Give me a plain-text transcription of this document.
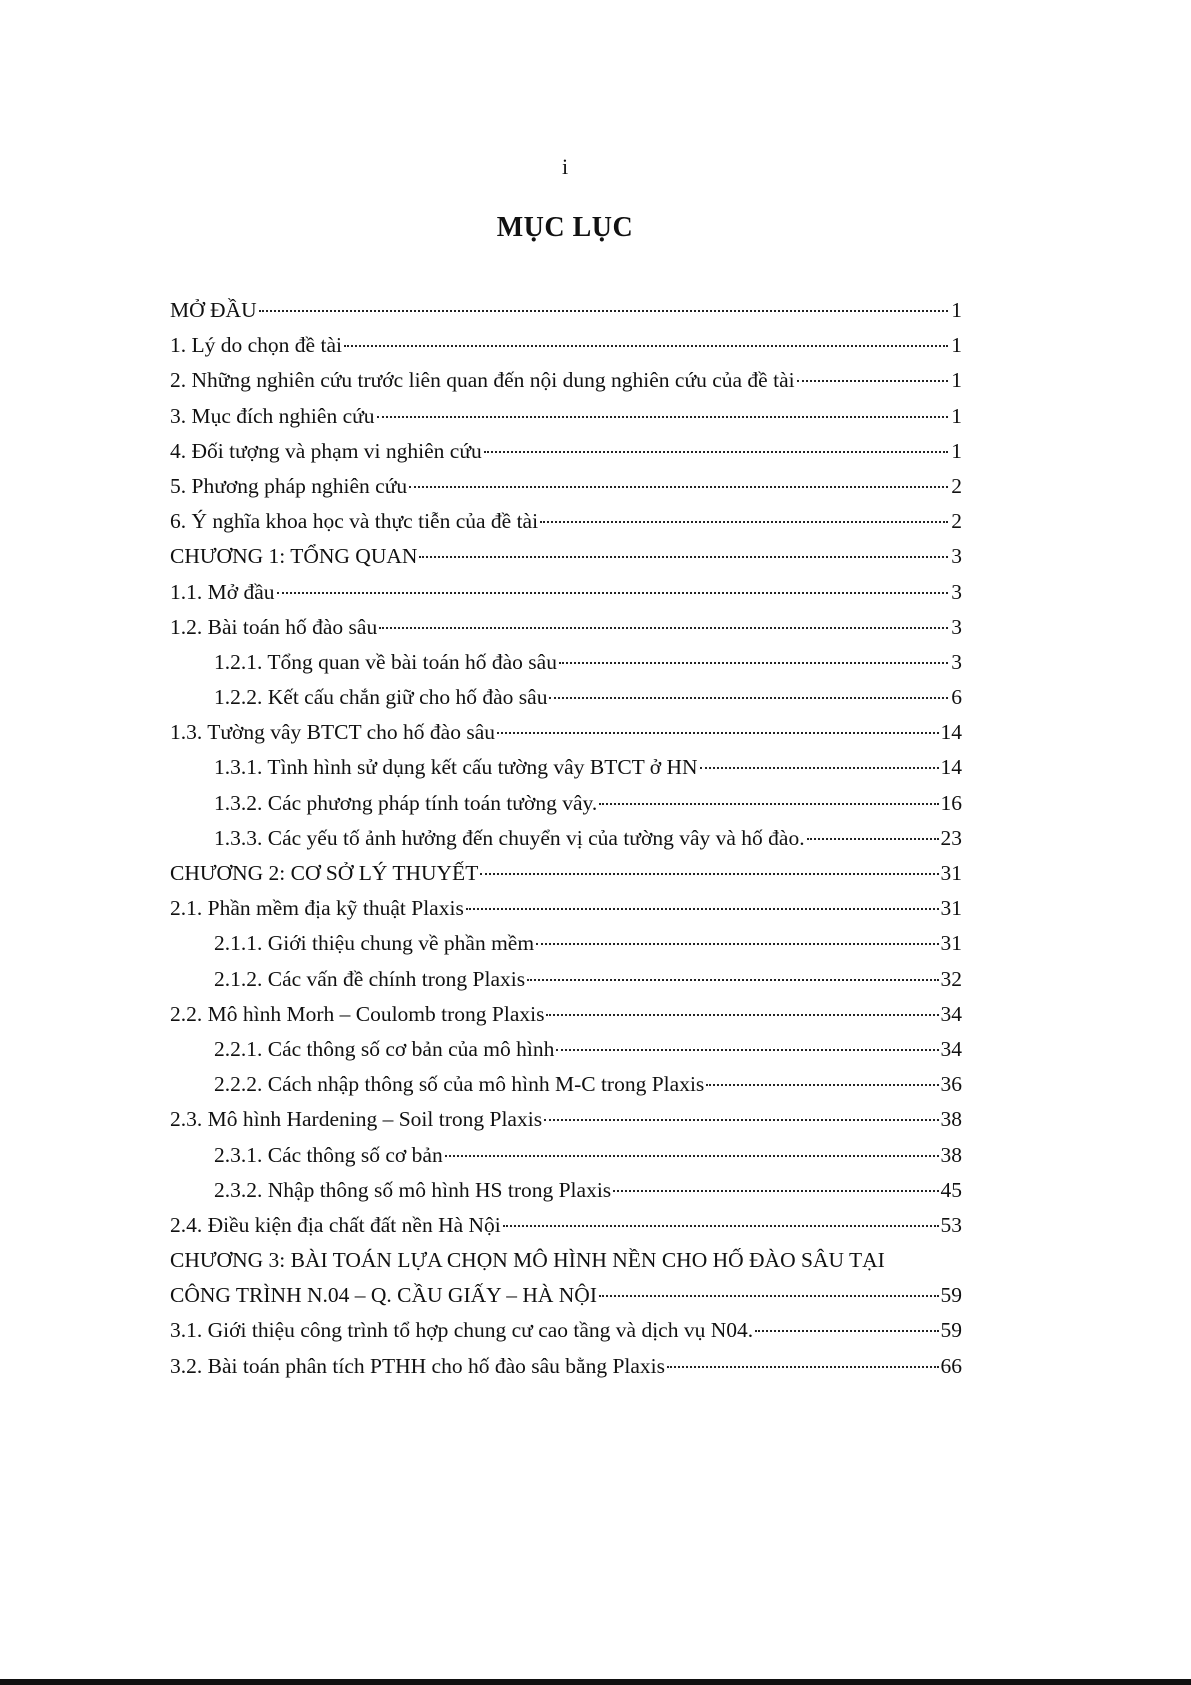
i
MỤC LỤC
MỞ ĐẦU	1
1. Lý do chọn đề tài	1
2. Những nghiên cứu trước liên quan đến nội dung nghiên cứu của đề tài	1
3. Mục đích nghiên cứu	1
4. Đối tượng và phạm vi nghiên cứu	1
5. Phương pháp nghiên cứu	2
6. Ý nghĩa khoa học và thực tiễn của đề tài	2
CHƯƠNG 1: TỔNG QUAN	3
1.1. Mở đầu	3
1.2. Bài toán hố đào sâu	3
1.2.1. Tổng quan về bài toán hố đào sâu	3
1.2.2. Kết cấu chắn giữ cho hố đào sâu	6
1.3. Tường vây BTCT cho hố đào sâu	14
1.3.1. Tình hình sử dụng kết cấu tường vây BTCT ở HN	14
1.3.2. Các phương pháp tính toán tường vây.	16
1.3.3. Các yếu tố ảnh hưởng đến chuyển vị của tường vây và hố đào.	23
CHƯƠNG 2: CƠ SỞ LÝ THUYẾT	31
2.1. Phần mềm địa kỹ thuật Plaxis	31
2.1.1. Giới thiệu chung về phần mềm	31
2.1.2. Các vấn đề chính trong Plaxis	32
2.2. Mô hình Morh – Coulomb trong Plaxis	34
2.2.1. Các thông số cơ bản của mô hình	34
2.2.2. Cách nhập thông số của mô hình M-C trong Plaxis	36
2.3. Mô hình Hardening – Soil trong Plaxis	38
2.3.1. Các thông số cơ bản	38
2.3.2. Nhập thông số mô hình HS trong Plaxis	45
2.4. Điều kiện địa chất đất nền Hà Nội	53
CHƯƠNG 3: BÀI TOÁN LỰA CHỌN MÔ HÌNH NỀN CHO HỐ ĐÀO SÂU TẠI
CÔNG TRÌNH N.04 – Q. CẦU GIẤY – HÀ NỘI	59
3.1. Giới thiệu công trình tổ hợp chung cư cao tầng và dịch vụ N04.	59
3.2. Bài toán phân tích PTHH cho hố đào sâu bằng Plaxis	66
